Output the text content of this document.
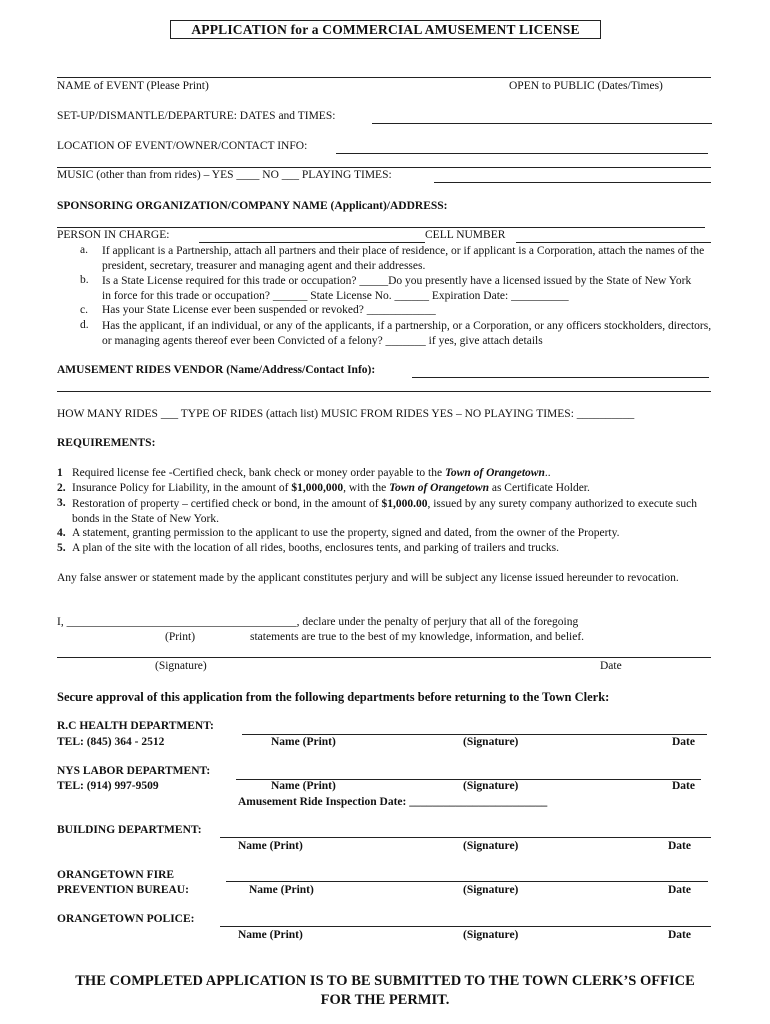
APPLICATION for a COMMERCIAL AMUSEMENT LICENSE
NAME of EVENT (Please Print)	OPEN to PUBLIC (Dates/Times)
SET-UP/DISMANTLE/DEPARTURE: DATES and TIMES:
LOCATION OF EVENT/OWNER/CONTACT INFO:
MUSIC (other than from rides) – YES ____ NO ___ PLAYING TIMES:
SPONSORING ORGANIZATION/COMPANY NAME (Applicant)/ADDRESS:
PERSON IN CHARGE:	CELL NUMBER
a. If applicant is a Partnership, attach all partners and their place of residence, or if applicant is a Corporation, attach the names of the president, secretary, treasurer and managing agent and their addresses.
b. Is a State License required for this trade or occupation? _____Do you presently have a licensed issued by the State of New York in force for this trade or occupation? ______ State License No. ______ Expiration Date: __________
c. Has your State License ever been suspended or revoked? ____________
d. Has the applicant, if an individual, or any of the applicants, if a partnership, or a Corporation, or any officers stockholders, directors, or managing agents thereof ever been Convicted of a felony? _______ if yes, give attach details
AMUSEMENT RIDES VENDOR (Name/Address/Contact Info):
HOW MANY RIDES ___ TYPE OF RIDES (attach list) MUSIC FROM RIDES YES – NO PLAYING TIMES: __________
REQUIREMENTS:
1 Required license fee -Certified check, bank check or money order payable to the Town of Orangetown..
2. Insurance Policy for Liability, in the amount of $1,000,000, with the Town of Orangetown as Certificate Holder.
3. Restoration of property – certified check or bond, in the amount of $1,000.00, issued by any surety company authorized to execute such bonds in the State of New York.
4. A statement, granting permission to the applicant to use the property, signed and dated, from the owner of the Property.
5. A plan of the site with the location of all rides, booths, enclosures tents, and parking of trailers and trucks.
Any false answer or statement made by the applicant constitutes perjury and will be subject any license issued hereunder to revocation.
I, ________________________________________, declare under the penalty of perjury that all of the foregoing
(Print)	statements are true to the best of my knowledge, information, and belief.
(Signature)	Date
Secure approval of this application from the following departments before returning to the Town Clerk:
R.C HEALTH DEPARTMENT:
TEL: (845) 364 - 2512	Name (Print)	(Signature)	Date
NYS LABOR DEPARTMENT:
TEL: (914) 997-9509	Name (Print)	(Signature)	Date
Amusement Ride Inspection Date: ________________________
BUILDING DEPARTMENT:
Name (Print)	(Signature)	Date
ORANGETOWN FIRE
PREVENTION BUREAU:	Name (Print)	(Signature)	Date
ORANGETOWN POLICE:
Name (Print)	(Signature)	Date
THE COMPLETED APPLICATION IS TO BE SUBMITTED TO THE TOWN CLERK’S OFFICE
FOR THE PERMIT.
